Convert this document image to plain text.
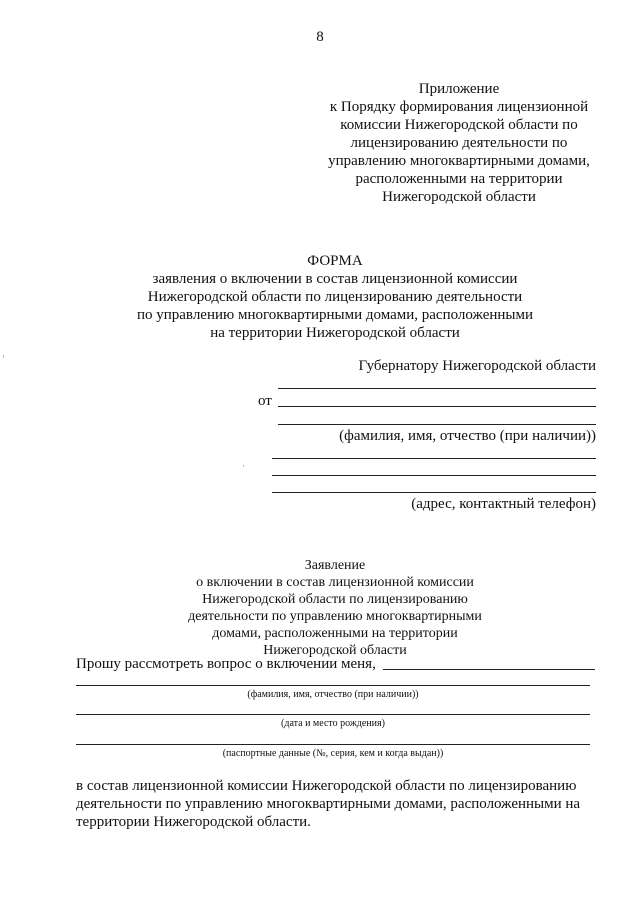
8
Приложение
к Порядку формирования лицензионной
комиссии Нижегородской области по
лицензированию деятельности по
управлению многоквартирными домами,
расположенными на территории
Нижегородской области
ФОРМА
заявления о включении в состав лицензионной комиссии
Нижегородской области по лицензированию деятельности
по управлению многоквартирными домами, расположенными
на территории Нижегородской области
Губернатору Нижегородской области
от
(фамилия, имя, отчество (при наличии))
(адрес, контактный телефон)
Заявление
о включении в состав лицензионной комиссии
Нижегородской области по лицензированию
деятельности по управлению многоквартирными
домами, расположенными на территории
Нижегородской области
Прошу рассмотреть вопрос о включении меня,
(фамилия, имя, отчество (при наличии))
(дата и место рождения)
(паспортные данные (№, серия, кем и когда выдан))
в состав лицензионной комиссии Нижегородской области по лицензированию
деятельности по управлению многоквартирными домами, расположенными на
территории Нижегородской области.
